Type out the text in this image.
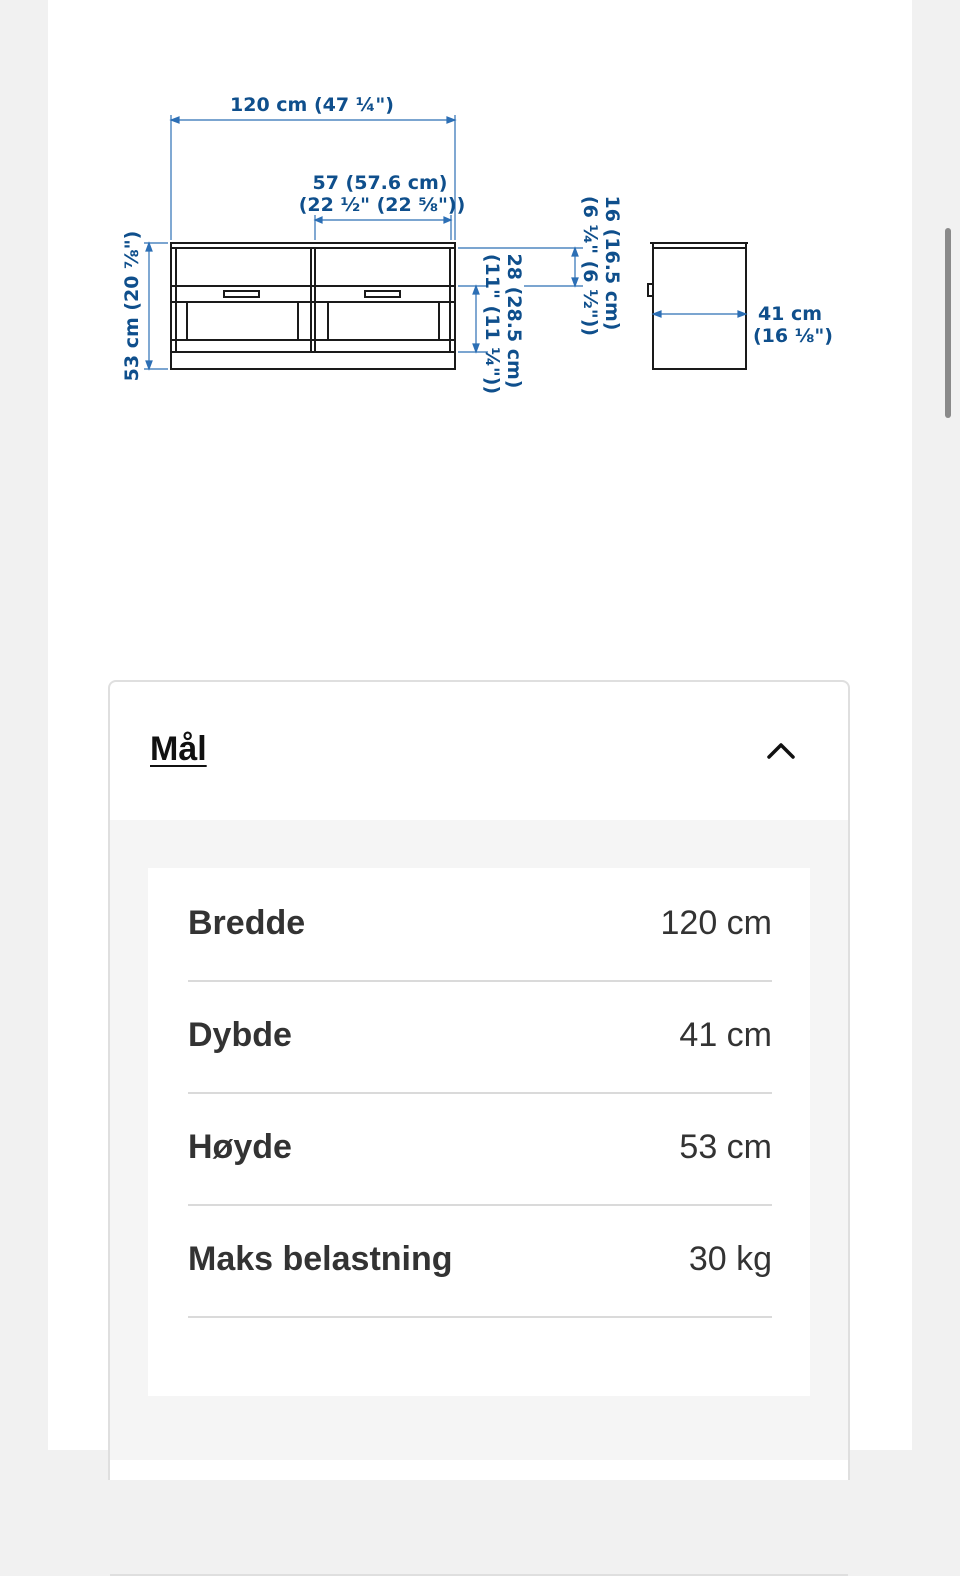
120 cm (47 ¼")
57 (57.6 cm)
(22 ½" (22 ⅝"))
53 cm (20 ⅞")	28 (28.5 cm)
(11" (11 ¼"))	16 (16.5 cm)
(6 ¼" (6 ½"))	41 cm
(16 ⅛")
Mål
Bredde	120 cm
Dybde	41 cm
Høyde	53 cm
Maks belastning	30 kg
